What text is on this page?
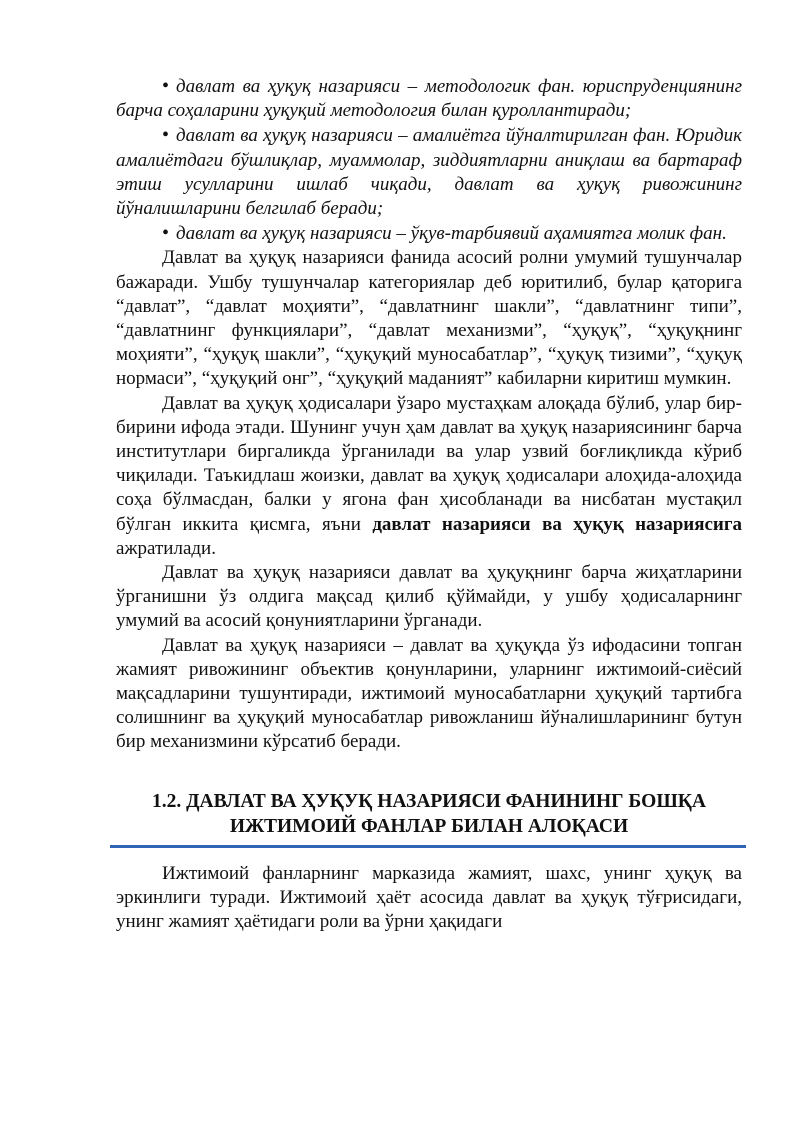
• давлат ва ҳуқуқ назарияси – методологик фан. юриспруденциянинг барча соҳаларини ҳуқуқий методология билан қуроллантиради;

• давлат ва ҳуқуқ назарияси – амалиётга йўналтирилган фан. Юридик амалиётдаги бўшлиқлар, муаммолар, зиддиятларни аниқлаш ва бартараф этиш усулларини ишлаб чиқади, давлат ва ҳуқуқ ривожининг йўналишларини белгилаб беради;

• давлат ва ҳуқуқ назарияси – ўқув-тарбиявий аҳамиятга молик фан.

Давлат ва ҳуқуқ назарияси фанида асосий ролни умумий тушунчалар бажаради. Ушбу тушунчалар категориялар деб юритилиб, булар қаторига “давлат”, “давлат моҳияти”, “давлатнинг шакли”, “давлатнинг типи”, “давлатнинг функциялари”, “давлат механизми”, “ҳуқуқ”, “ҳуқуқнинг моҳияти”, “ҳуқуқ шакли”, “ҳуқуқий муносабатлар”, “ҳуқуқ тизими”, “ҳуқуқ нормаси”, “ҳуқуқий онг”, “ҳуқуқий маданият” кабиларни киритиш мумкин.

Давлат ва ҳуқуқ ҳодисалари ўзаро мустаҳкам алоқада бўлиб, улар бир-бирини ифода этади. Шунинг учун ҳам давлат ва ҳуқуқ назариясининг барча институтлари биргаликда ўрганилади ва улар узвий боғлиқликда кўриб чиқилади. Таъкидлаш жоизки, давлат ва ҳуқуқ ҳодисалари алоҳида-алоҳида соҳа бўлмасдан, балки у ягона фан ҳисобланади ва нисбатан мустақил бўлган иккита қисмга, яъни давлат назарияси ва ҳуқуқ назариясига ажратилади.

Давлат ва ҳуқуқ назарияси давлат ва ҳуқуқнинг барча жиҳатларини ўрганишни ўз олдига мақсад қилиб қўймайди, у ушбу ҳодисаларнинг умумий ва асосий қонуниятларини ўрганади.

Давлат ва ҳуқуқ назарияси – давлат ва ҳуқуқда ўз ифодасини топган жамият ривожининг объектив қонунларини, уларнинг ижтимоий-сиёсий мақсадларини тушунтиради, ижтимоий муносабатларни ҳуқуқий тартибга солишнинг ва ҳуқуқий муносабатлар ривожланиш йўналишларининг бутун бир механизмини кўрсатиб беради.

1.2. ДАВЛАТ ВА ҲУҚУҚ НАЗАРИЯСИ ФАНИНИНГ БОШҚА
ИЖТИМОИЙ ФАНЛАР БИЛАН АЛОҚАСИ

Ижтимоий фанларнинг марказида жамият, шахс, унинг ҳуқуқ ва эркинлиги туради. Ижтимоий ҳаёт асосида давлат ва ҳуқуқ тўғрисидаги, унинг жамият ҳаётидаги роли ва ўрни ҳақидаги
